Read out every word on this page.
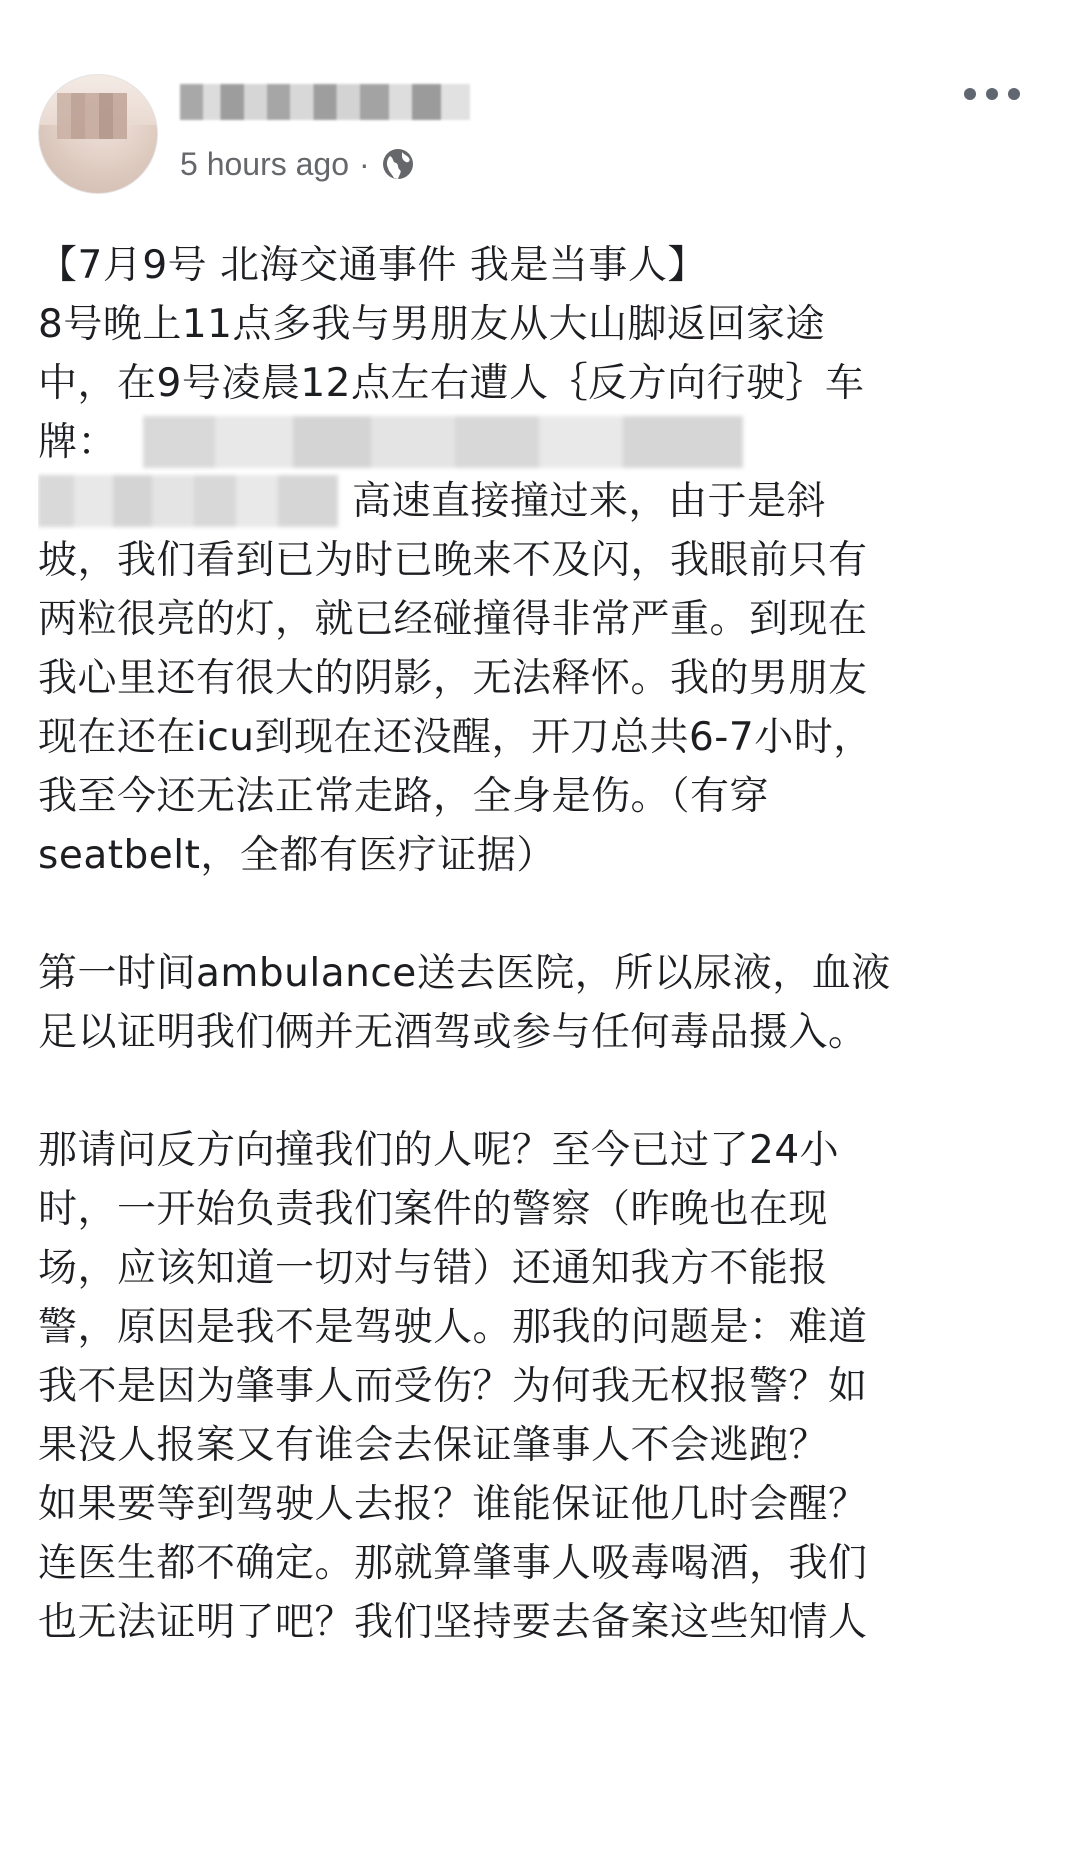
5 hours ago ·
【7月9号 北海交通事件 我是当事人】
8号晚上11点多我与男朋友从大山脚返回家途
中，在9号凌晨12点左右遭人｛反方向行驶｝车
牌：
高速直接撞过来，由于是斜
坡，我们看到已为时已晚来不及闪，我眼前只有
两粒很亮的灯，就已经碰撞得非常严重。到现在
我心里还有很大的阴影，无法释怀。我的男朋友
现在还在icu到现在还没醒，开刀总共6-7小时，
我至今还无法正常走路，全身是伤。（有穿
seatbelt，全都有医疗证据）
第一时间ambulance送去医院，所以尿液，血液
足以证明我们俩并无酒驾或参与任何毒品摄入。
那请问反方向撞我们的人呢？至今已过了24小
时，一开始负责我们案件的警察（昨晚也在现
场，应该知道一切对与错）还通知我方不能报
警，原因是我不是驾驶人。那我的问题是：难道
我不是因为肇事人而受伤？为何我无权报警？如
果没人报案又有谁会去保证肇事人不会逃跑？
如果要等到驾驶人去报？谁能保证他几时会醒？
连医生都不确定。那就算肇事人吸毒喝酒，我们
也无法证明了吧？我们坚持要去备案这些知情人
